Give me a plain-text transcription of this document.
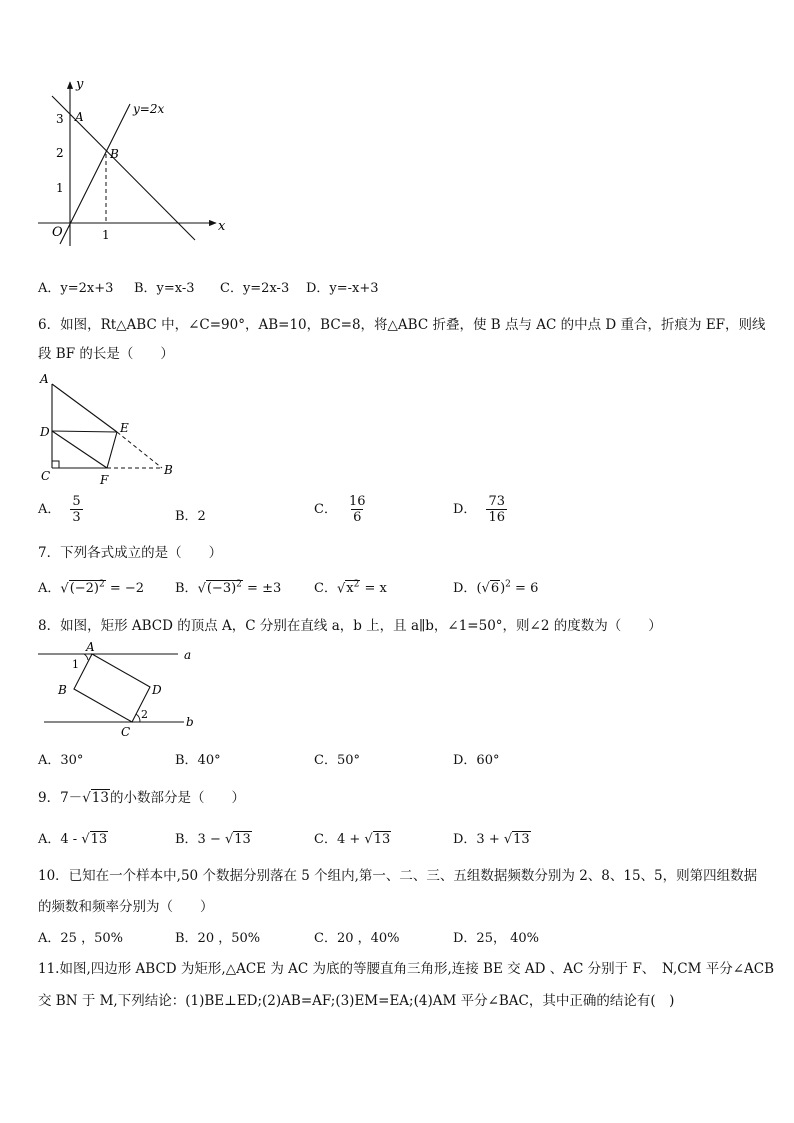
y
x
O
y=2x
A
B
3
2
1
1
A．y=2x+3 B．y=x-3 C．y=2x-3 D．y=-x+3
6．如图，Rt△ABC 中，∠C=90°，AB=10，BC=8，将△ABC 折叠，使 B 点与 AC 的中点 D 重合，折痕为 EF，则线
段 BF 的长是（　　）
A
D
C
E
F
B
A． $\frac{5}{3}$	B．2	C． $\frac{16}{6}$	D． $\frac{73}{16}$
7．下列各式成立的是（　　）
A．$√(-2)^2 = -2$ B．$√(-3)^2 = \pm 3$	C．$√x^2 = x$	D．$(√6)^2 = 6$
8．如图，矩形 ABCD 的顶点 A，C 分别在直线 a，b 上，且 a∥b，∠1=50°，则∠2 的度数为（　　）
A
B
C
D
a
b
1
2
A．30°	B．40°	C．50°	D．60°
9．7－√13的小数部分是（　　）
A．4 - √13	B．3 − √13	C．4 + √13	D．3 + √13
10．已知在一个样本中,50 个数据分别落在 5 个组内,第一、二、三、五组数据频数分别为 2、8、15、5，则第四组数据
的频数和频率分别为（　　）
A．25 ，50%	B．20 ，50%	C．20 ，40%	D．25， 40%
11.如图,四边形 ABCD 为矩形,△ACE 为 AC 为底的等腰直角三角形,连接 BE 交 AD 、AC 分别于 F、　N,CM 平分∠ACB
交 BN 于 M,下列结论：(1)BE⊥ED;(2)AB=AF;(3)EM=EA;(4)AM 平分∠BAC，其中正确的结论有(　)
